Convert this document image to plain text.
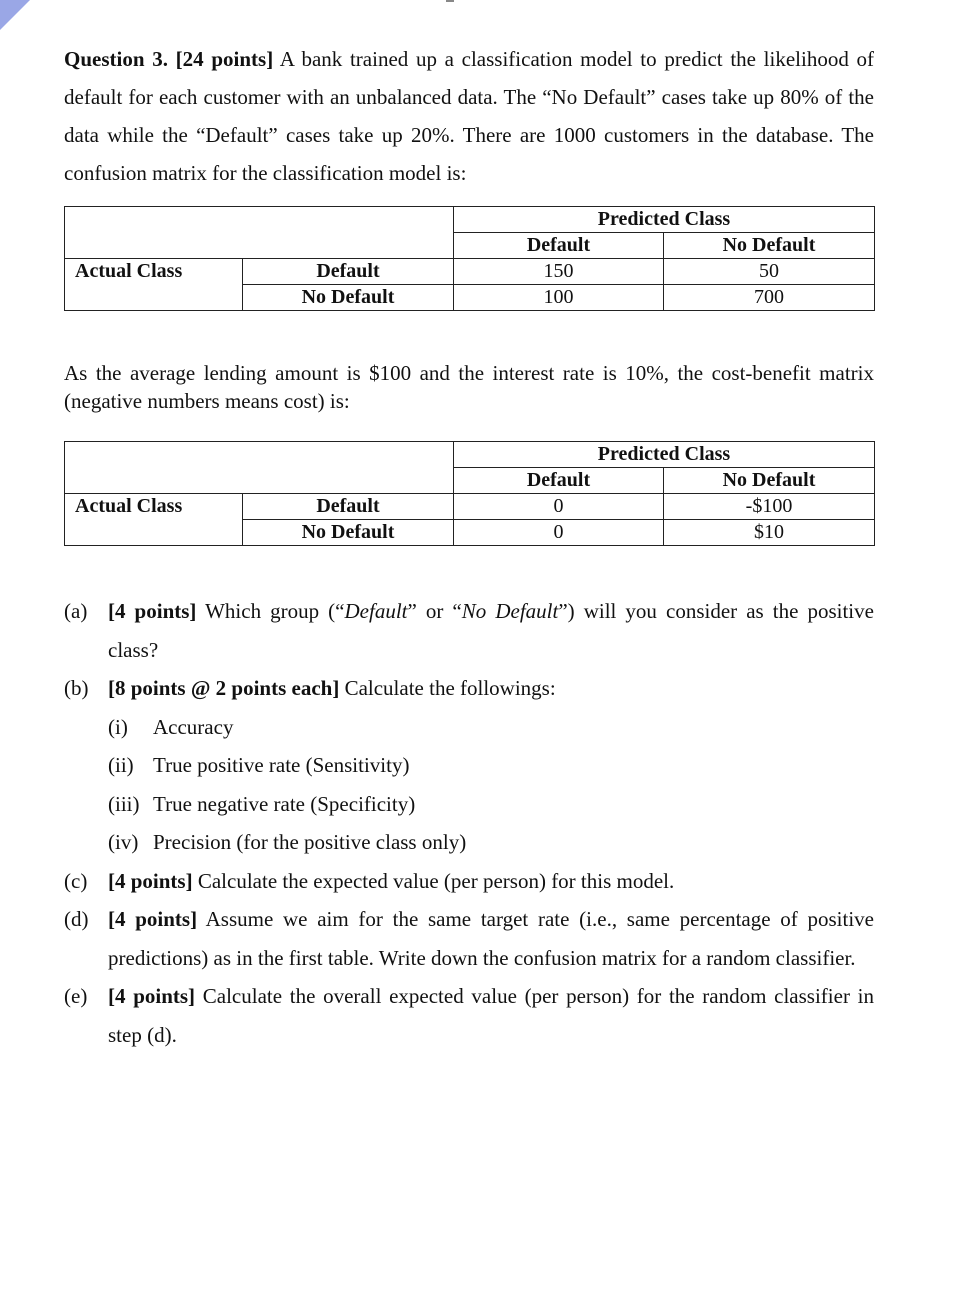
Question 3. [24 points] A bank trained up a classification model to predict the likelihood of default for each customer with an unbalanced data. The “No Default” cases take up 80% of the data while the “Default” cases take up 20%. There are 1000 customers in the database. The confusion matrix for the classification model is:

		Predicted Class	
		Default	No Default
Actual Class	Default	150	50
	No Default	100	700

As the average lending amount is $100 and the interest rate is 10%, the cost-benefit matrix (negative numbers means cost) is:

		Predicted Class	
		Default	No Default
Actual Class	Default	0	-$100
	No Default	0	$10
(a) [4 points] Which group (“Default” or “No Default”) will you consider as the positive class?
(b) [8 points @ 2 points each] Calculate the followings:
(i)	Accuracy
(ii) True positive rate (Sensitivity)
(iii) True negative rate (Specificity)
(iv) Precision (for the positive class only)
(c) [4 points] Calculate the expected value (per person) for this model.
(d) [4 points] Assume we aim for the same target rate (i.e., same percentage of positive predictions) as in the first table. Write down the confusion matrix for a random classifier.
(e) [4 points] Calculate the overall expected value (per person) for the random classifier in step (d).
